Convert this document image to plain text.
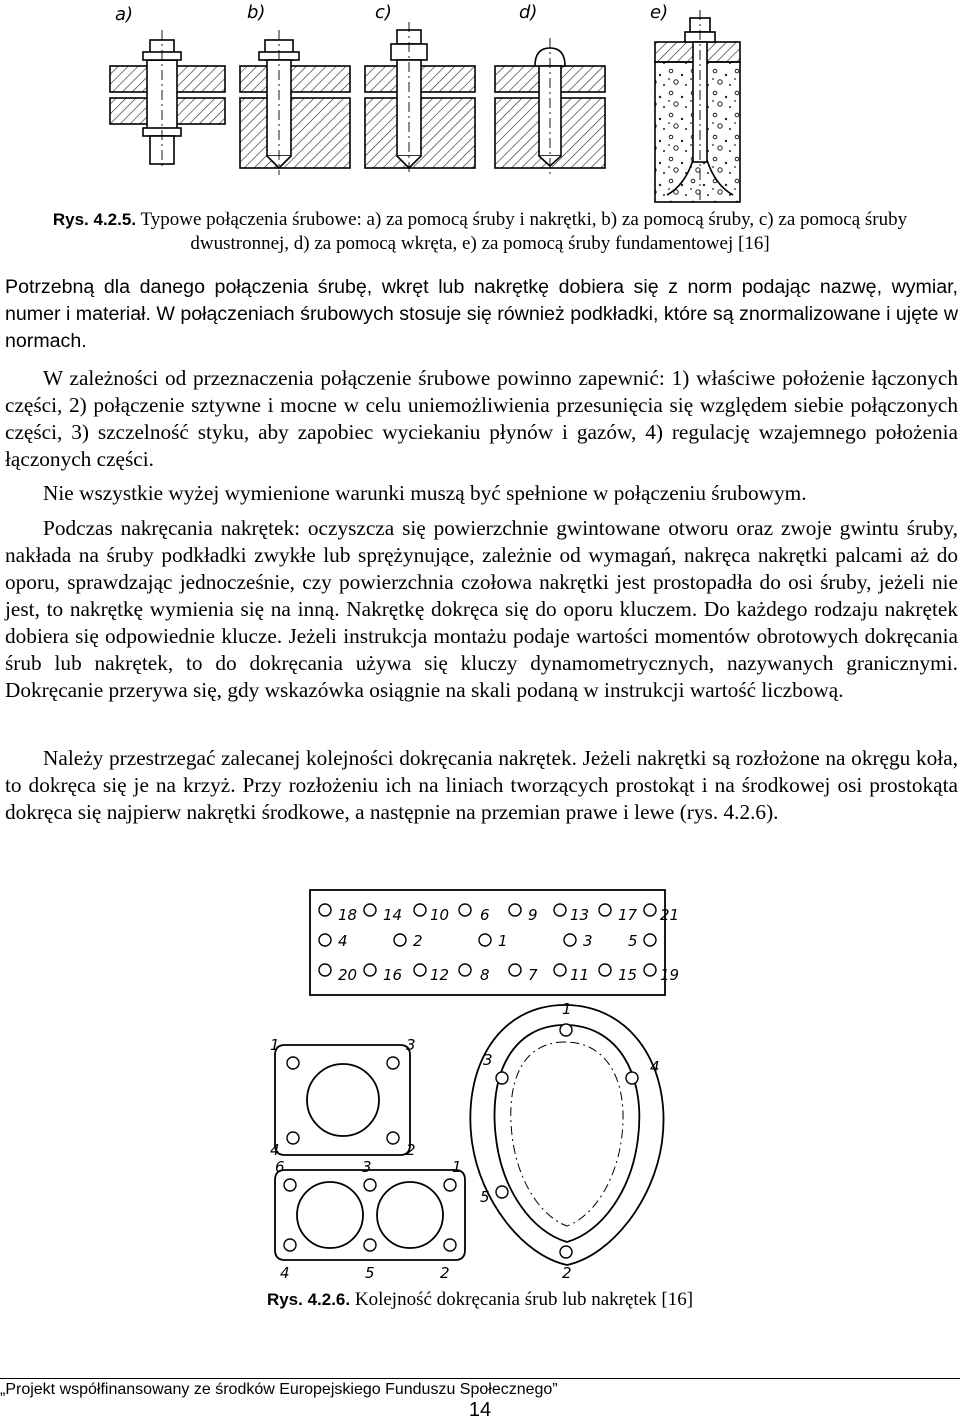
a)	b)	c)	d)	e)
Rys. 4.2.5. Typowe połączenia śrubowe: a) za pomocą śruby i nakrętki, b) za pomocą śruby, c) za pomocą śruby
dwustronnej, d) za pomocą wkręta, e) za pomocą śruby fundamentowej [16]

Potrzebną dla danego połączenia śrubę, wkręt lub nakrętkę dobiera się z norm podając nazwę, wymiar, numer i materiał. W połączeniach śrubowych stosuje się również podkładki, które są znormalizowane i ujęte w normach.

W zależności od przeznaczenia połączenie śrubowe powinno zapewnić: 1) właściwe położenie łączonych części, 2) połączenie sztywne i mocne w celu uniemożliwienia przesunięcia się względem siebie połączonych części, 3) szczelność styku, aby zapobiec wyciekaniu płynów i gazów, 4) regulację wzajemnego położenia łączonych części.

Nie wszystkie wyżej wymienione warunki muszą być spełnione w połączeniu śrubowym.

Podczas nakręcania nakrętek: oczyszcza się powierzchnie gwintowane otworu oraz zwoje gwintu śruby, nakłada na śruby podkładki zwykłe lub sprężynujące, zależnie od wymagań, nakręca nakrętki palcami aż do oporu, sprawdzając jednocześnie, czy powierzchnia czołowa nakrętki jest prostopadła do osi śruby, jeżeli nie jest, to nakrętkę wymienia się na inną. Nakrętkę dokręca się do oporu kluczem. Do każdego rodzaju nakrętek dobiera się odpowiednie klucze. Jeżeli instrukcja montażu podaje wartości momentów obrotowych dokręcania śrub lub nakrętek, to do dokręcania używa się kluczy dynamometrycznych, nazywanych granicznymi. Dokręcanie przerywa się, gdy wskazówka osiągnie na skali podaną w instrukcji wartość liczbową.

Należy przestrzegać zalecanej kolejności dokręcania nakrętek. Jeżeli nakrętki są rozłożone na okręgu koła, to dokręca się je na krzyż. Przy rozłożeniu ich na liniach tworzących prostokąt i na środkowej osi prostokąta dokręca się najpierw nakrętki środkowe, a następnie na przemian prawe i lewe (rys. 4.2.6).

18 14 10 6	9 13 17 21
4	2	1	3 5
20 16 12 8	7 11 15 19
1	3
4	2
6	3	1
4	5	2
3
1
4
5
2
Rys. 4.2.6. Kolejność dokręcania śrub lub nakrętek [16]
„Projekt współfinansowany ze środków Europejskiego Funduszu Społecznego”
14
